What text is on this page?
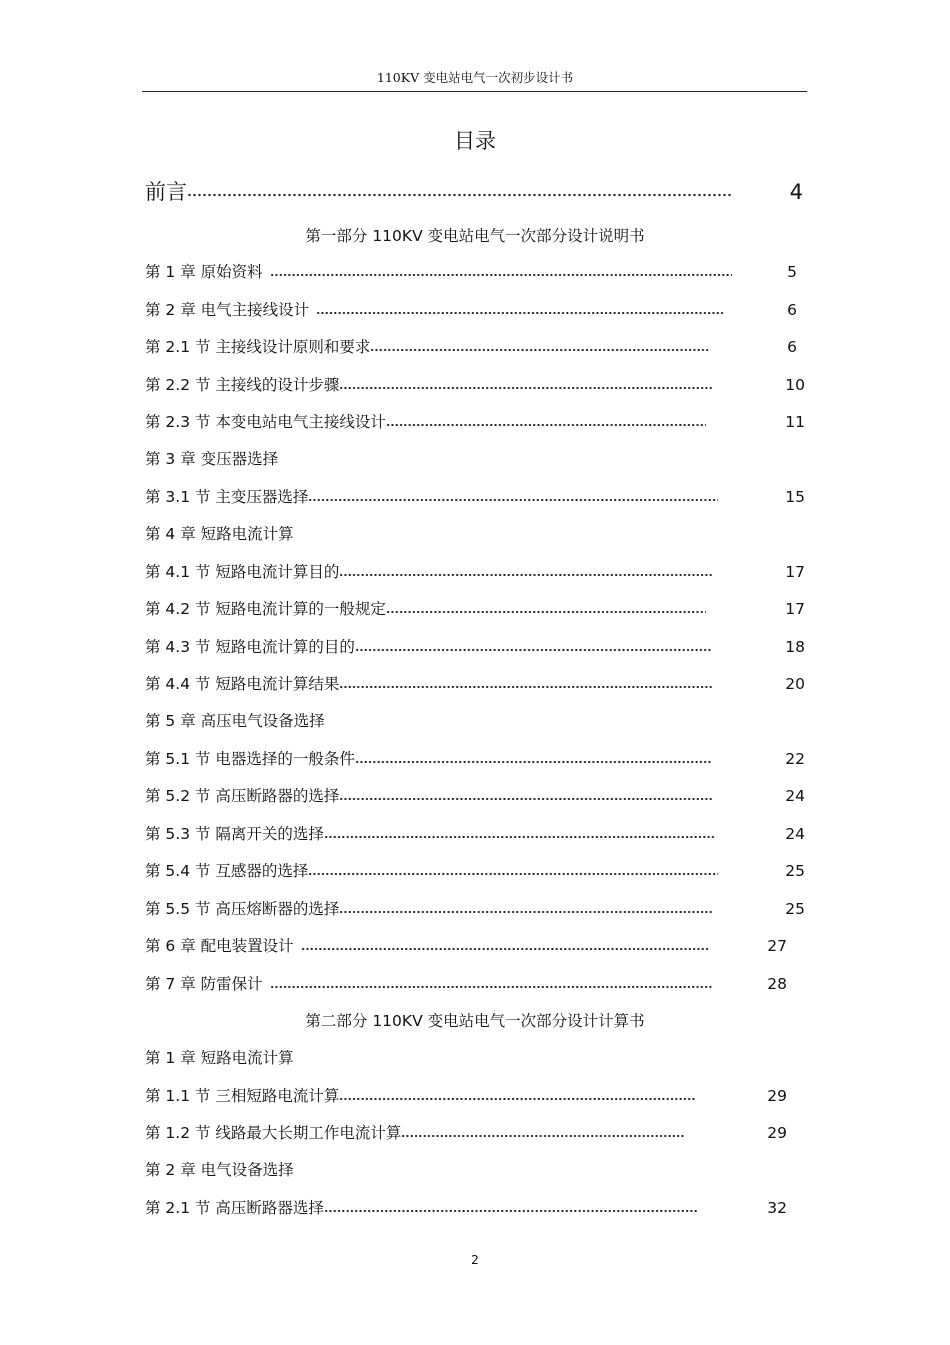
110KV 变电站电气一次初步设计书
目录
前言	4
第一部分 110KV 变电站电气一次部分设计说明书
第 1 章 原始资料	5
第 2 章 电气主接线设计	6
第 2.1 节 主接线设计原则和要求	6
第 2.2 节 主接线的设计步骤	10
第 2.3 节 本变电站电气主接线设计	11
第 3 章 变压器选择
第 3.1 节 主变压器选择	15
第 4 章 短路电流计算
第 4.1 节 短路电流计算目的	17
第 4.2 节 短路电流计算的一般规定	17
第 4.3 节 短路电流计算的目的	18
第 4.4 节 短路电流计算结果	20
第 5 章 高压电气设备选择
第 5.1 节 电器选择的一般条件	22
第 5.2 节 高压断路器的选择	24
第 5.3 节 隔离开关的选择	24
第 5.4 节 互感器的选择	25
第 5.5 节 高压熔断器的选择	25
第 6 章 配电装置设计	27
第 7 章 防雷保计	28
第二部分 110KV 变电站电气一次部分设计计算书
第 1 章 短路电流计算
第 1.1 节 三相短路电流计算	29
第 1.2 节 线路最大长期工作电流计算	29
第 2 章 电气设备选择
第 2.1 节 高压断路器选择	32
2
